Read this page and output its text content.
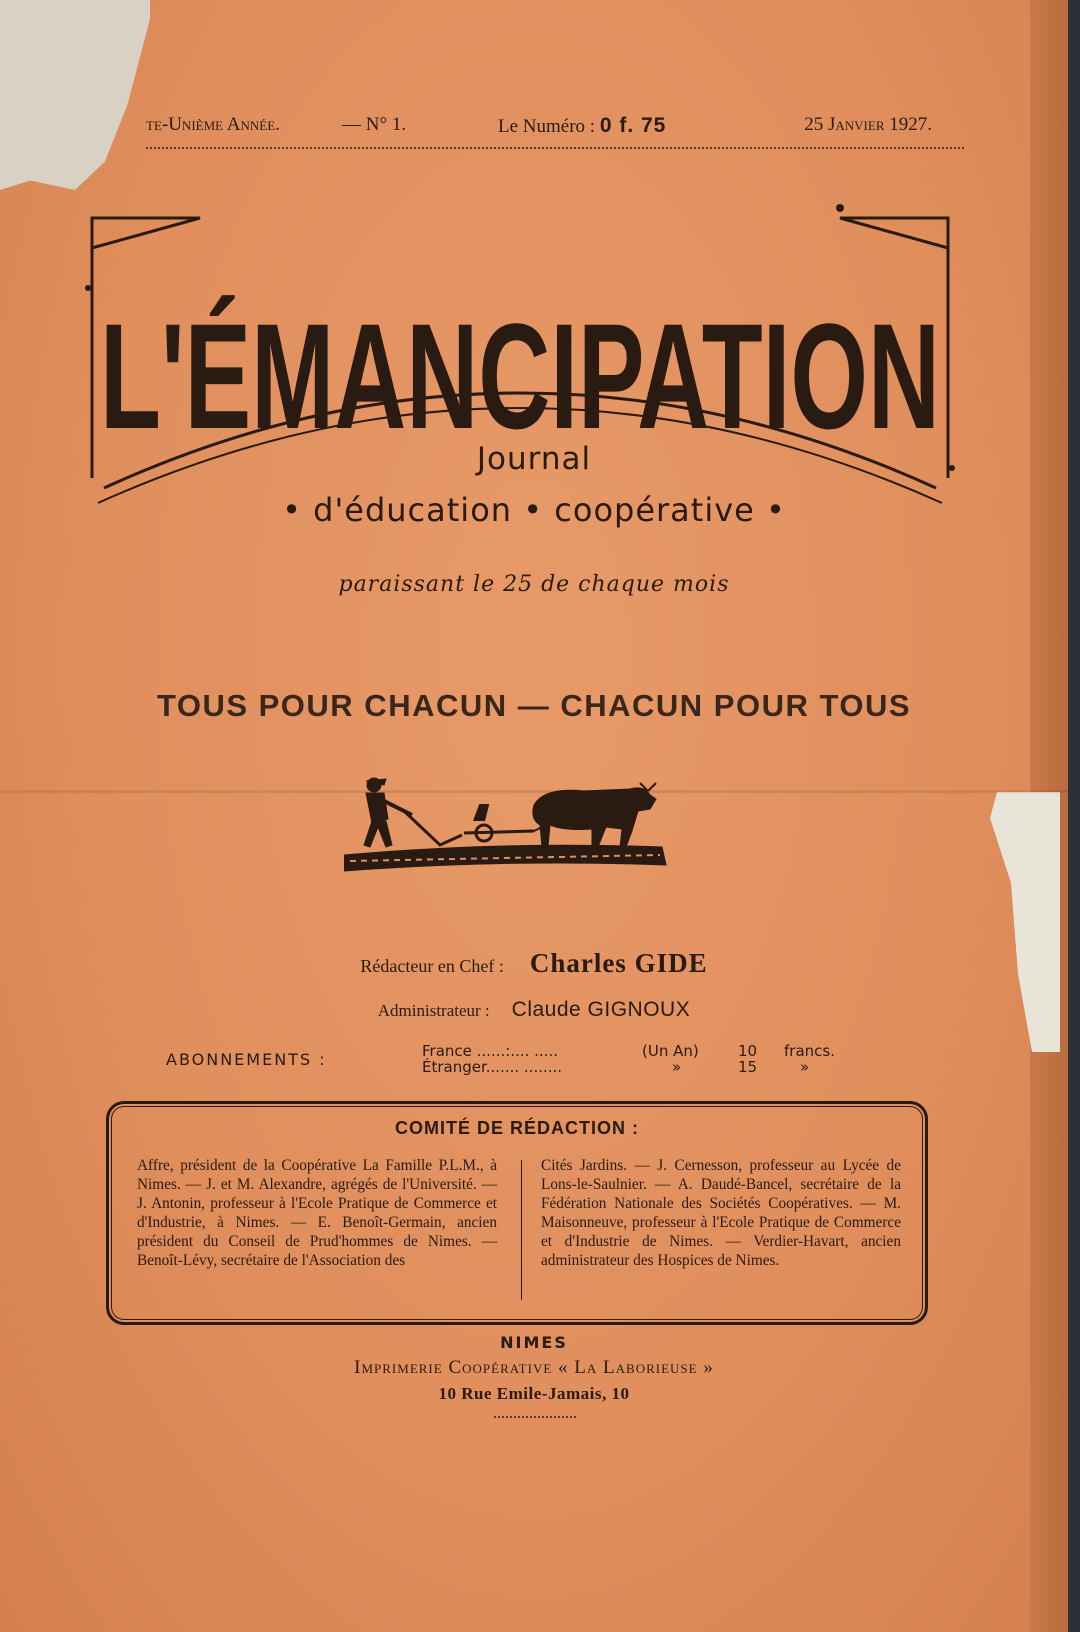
te-Unième Année.	— N° 1.	Le Numéro : 0 f. 75	25 Janvier 1927.
L'ÉMANCIPATION
Journal
• d'éducation • coopérative •
paraissant le 25 de chaque mois
TOUS POUR CHACUN — CHACUN POUR TOUS
Rédacteur en Chef : Charles GIDE
Administrateur : Claude GIGNOUX
ABONNEMENTS :	France ......:.... .....	(Un An)	10 francs.
Étranger....... ........	»	15	»
COMITÉ DE RÉDACTION :
Affre, président de la Coopérative La Famille P.L.M., à Nimes. — J. et M. Alexandre, agrégés de l'Université. — J. Antonin, professeur à l'Ecole Pratique de Commerce et d'Industrie, à Nimes. — E. Benoît-Germain, ancien président du Conseil de Prud'hommes de Nimes. — Benoît-Lévy, secrétaire de l'Association des
Cités Jardins. — J. Cernesson, professeur au Lycée de Lons-le-Saulnier. — A. Daudé-Bancel, secrétaire de la Fédération Nationale des Sociétés Coopératives. — M. Maisonneuve, professeur à l'Ecole Pratique de Commerce et d'Industrie de Nimes. — Verdier-Havart, ancien administrateur des Hospices de Nimes.
NIMES
Imprimerie Coopérative « La Laborieuse »
10 Rue Emile-Jamais, 10
